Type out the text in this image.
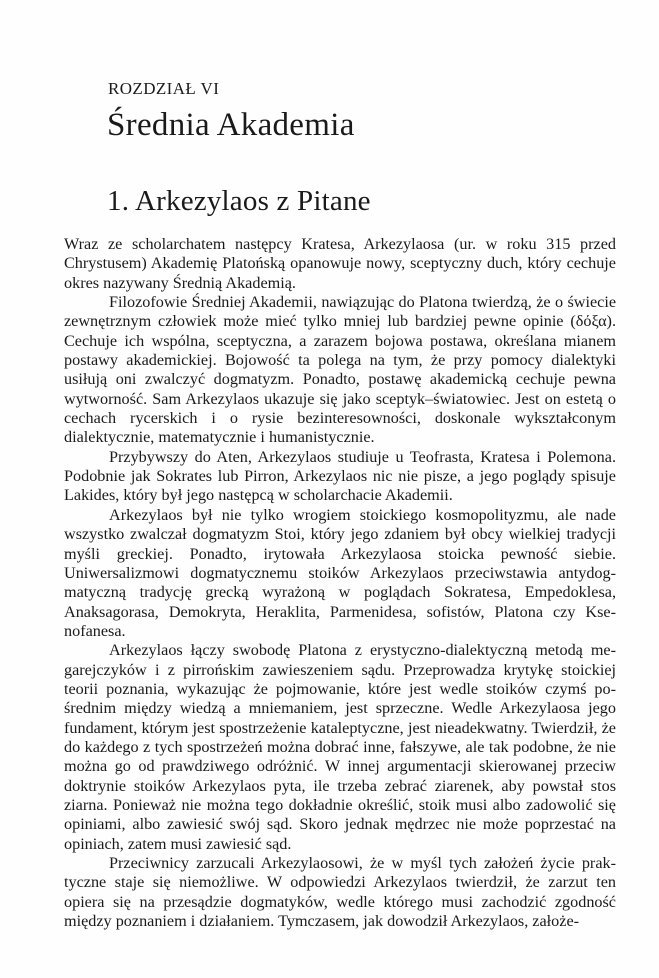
ROZDZIAŁ VI
Średnia Akademia
1. Arkezylaos z Pitane

Wraz ze scholarchatem następcy Kratesa, Arkezylaosa (ur. w roku 315 przed Chrystusem) Akademię Platońską opanowuje nowy, sceptyczny duch, który cechuje okres nazywany Średnią Akademią.

Filozofowie Średniej Akademii, nawiązując do Platona twierdzą, że o świecie zewnętrznym człowiek może mieć tylko mniej lub bardziej pewne opinie (δόξα). Cechuje ich wspólna, sceptyczna, a zarazem bojowa postawa, określana mianem postawy akademickiej. Bojowość ta polega na tym, że przy pomocy dialektyki usiłują oni zwalczyć dogmatyzm. Ponadto, postawę akademicką cechuje pewna wytworność. Sam Arkezylaos ukazuje się jako sceptyk–światowiec. Jest on estetą o cechach rycerskich i o rysie bezinteresowności, doskonale wykształconym dialektycznie, matematycznie i humanistycznie.

Przybywszy do Aten, Arkezylaos studiuje u Teofrasta, Kratesa i Polemona. Podobnie jak Sokrates lub Pirron, Arkezylaos nic nie pisze, a jego poglądy spisuje Lakides, który był jego następcą w scholarchacie Akademii.

Arkezylaos był nie tylko wrogiem stoickiego kosmopolityzmu, ale nade wszystko zwalczał dogmatyzm Stoi, który jego zdaniem był obcy wielkiej tradycji myśli greckiej. Ponadto, irytowała Arkezylaosa stoicka pewność siebie. Uniwersalizmowi dogmatycznemu stoików Arkezylaos przeciwstawia antydogmatyczną tradycję grecką wyrażoną w poglądach Sokratesa, Empedoklesa, Anaksagorasa, Demokryta, Heraklita, Parmenidesa, sofistów, Platona czy Ksenofanesa.

Arkezylaos łączy swobodę Platona z erystyczno-dialektyczną metodą megarejczyków i z pirrońskim zawieszeniem sądu. Przeprowadza krytykę stoickiej teorii poznania, wykazując że pojmowanie, które jest wedle stoików czymś pośrednim między wiedzą a mniemaniem, jest sprzeczne. Wedle Arkezylaosa jego fundament, którym jest spostrzeżenie kataleptyczne, jest nieadekwatny. Twierdził, że do każdego z tych spostrzeżeń można dobrać inne, fałszywe, ale tak podobne, że nie można go od prawdziwego odróżnić. W innej argumentacji skierowanej przeciw doktrynie stoików Arkezylaos pyta, ile trzeba zebrać ziarenek, aby powstał stos ziarna. Ponieważ nie można tego dokładnie określić, stoik musi albo zadowolić się opiniami, albo zawiesić swój sąd. Skoro jednak mędrzec nie może poprzestać na opiniach, zatem musi zawiesić sąd.

Przeciwnicy zarzucali Arkezylaosowi, że w myśl tych założeń życie praktyczne staje się niemożliwe. W odpowiedzi Arkezylaos twierdził, że zarzut ten opiera się na przesądzie dogmatyków, wedle którego musi zachodzić zgodność między poznaniem i działaniem. Tymczasem, jak dowodził Arkezylaos, założe-
